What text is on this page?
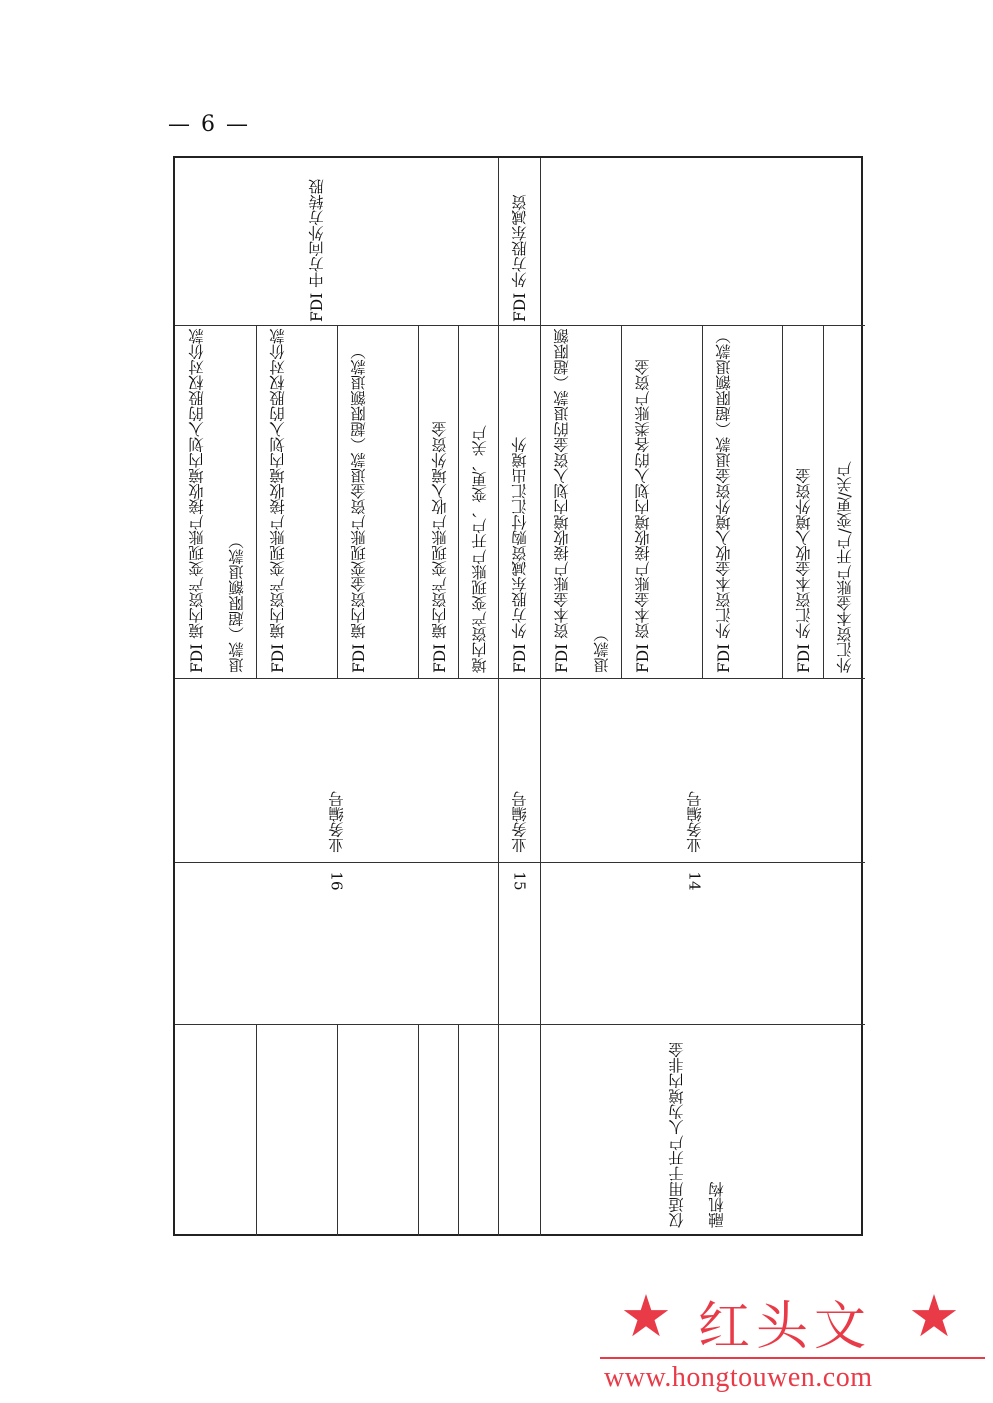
— 6 —
外汇资本金账户开户/变更/关户
FDI 外汇资本金收入境外资金
FDI 外汇资本金收入境外资金退款（超限额退款）
FDI 资本金账户接收境内划入的各类账户资金
FDI 资本金账户接收境内划入资金的退款（超限额退款）
业务编号
14
仅适用于开户人为境内非金融机构
FDI 外方股东减资
FDI 外方股东减资购付汇汇出境外
业务编号
15
FDI 中方向外方转股
境内资产变现账户开户、变更、关户
FDI 境内资产变现账户收入境外资金
FDI 境内资金变现账户资金退款（超限额退款）
FDI 境内资产变现账户接收境内划入的股权对价款
FDI 境内资产变现账户接收境内划入的股权对价款退款（超限额退款）
业务编号
16
★ 红头文 ★
www.hongtouwen.com
